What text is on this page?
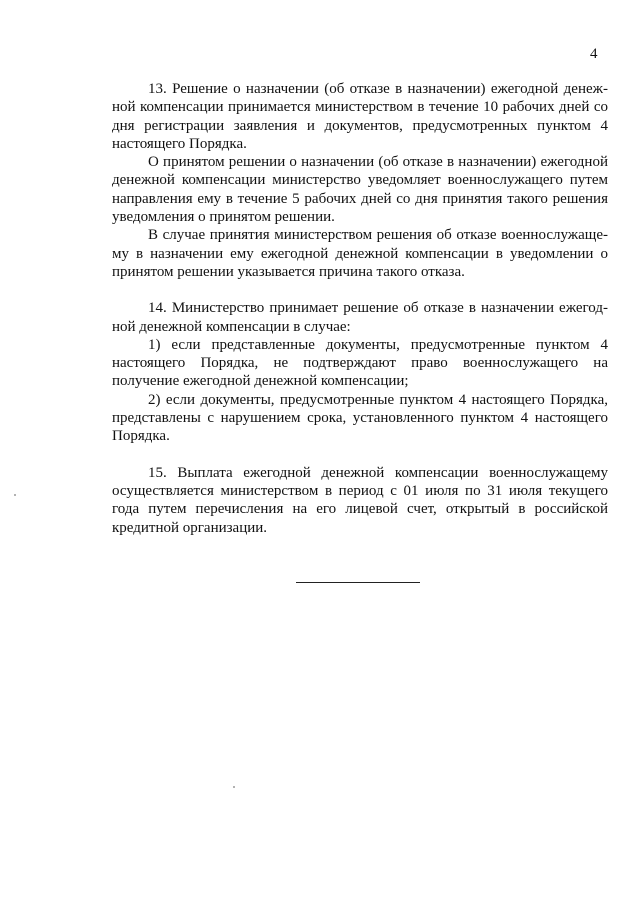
4

13. Решение о назначении (об отказе в назначении) ежегодной денежной компенсации принимается министерством в течение 10 рабочих дней со дня регистрации заявления и документов, предусмотренных пунктом 4 настоящего Порядка.

О принятом решении о назначении (об отказе в назначении) ежегодной денежной компенсации министерство уведомляет военнослужащего путем направления ему в течение 5 рабочих дней со дня принятия такого решения уведомления о принятом решении.

В случае принятия министерством решения об отказе военнослужащему в назначении ему ежегодной денежной компенсации в уведомлении о принятом решении указывается причина такого отказа.

14. Министерство принимает решение об отказе в назначении ежегодной денежной компенсации в случае:

1) если представленные документы, предусмотренные пунктом 4 настоящего Порядка, не подтверждают право военнослужащего на получение ежегодной денежной компенсации;

2) если документы, предусмотренные пунктом 4 настоящего Порядка, представлены с нарушением срока, установленного пунктом 4 настоящего Порядка.

15. Выплата ежегодной денежной компенсации военнослужащему осуществляется министерством в период с 01 июля по 31 июля текущего года путем перечисления на его лицевой счет, открытый в российской кредитной организации.
